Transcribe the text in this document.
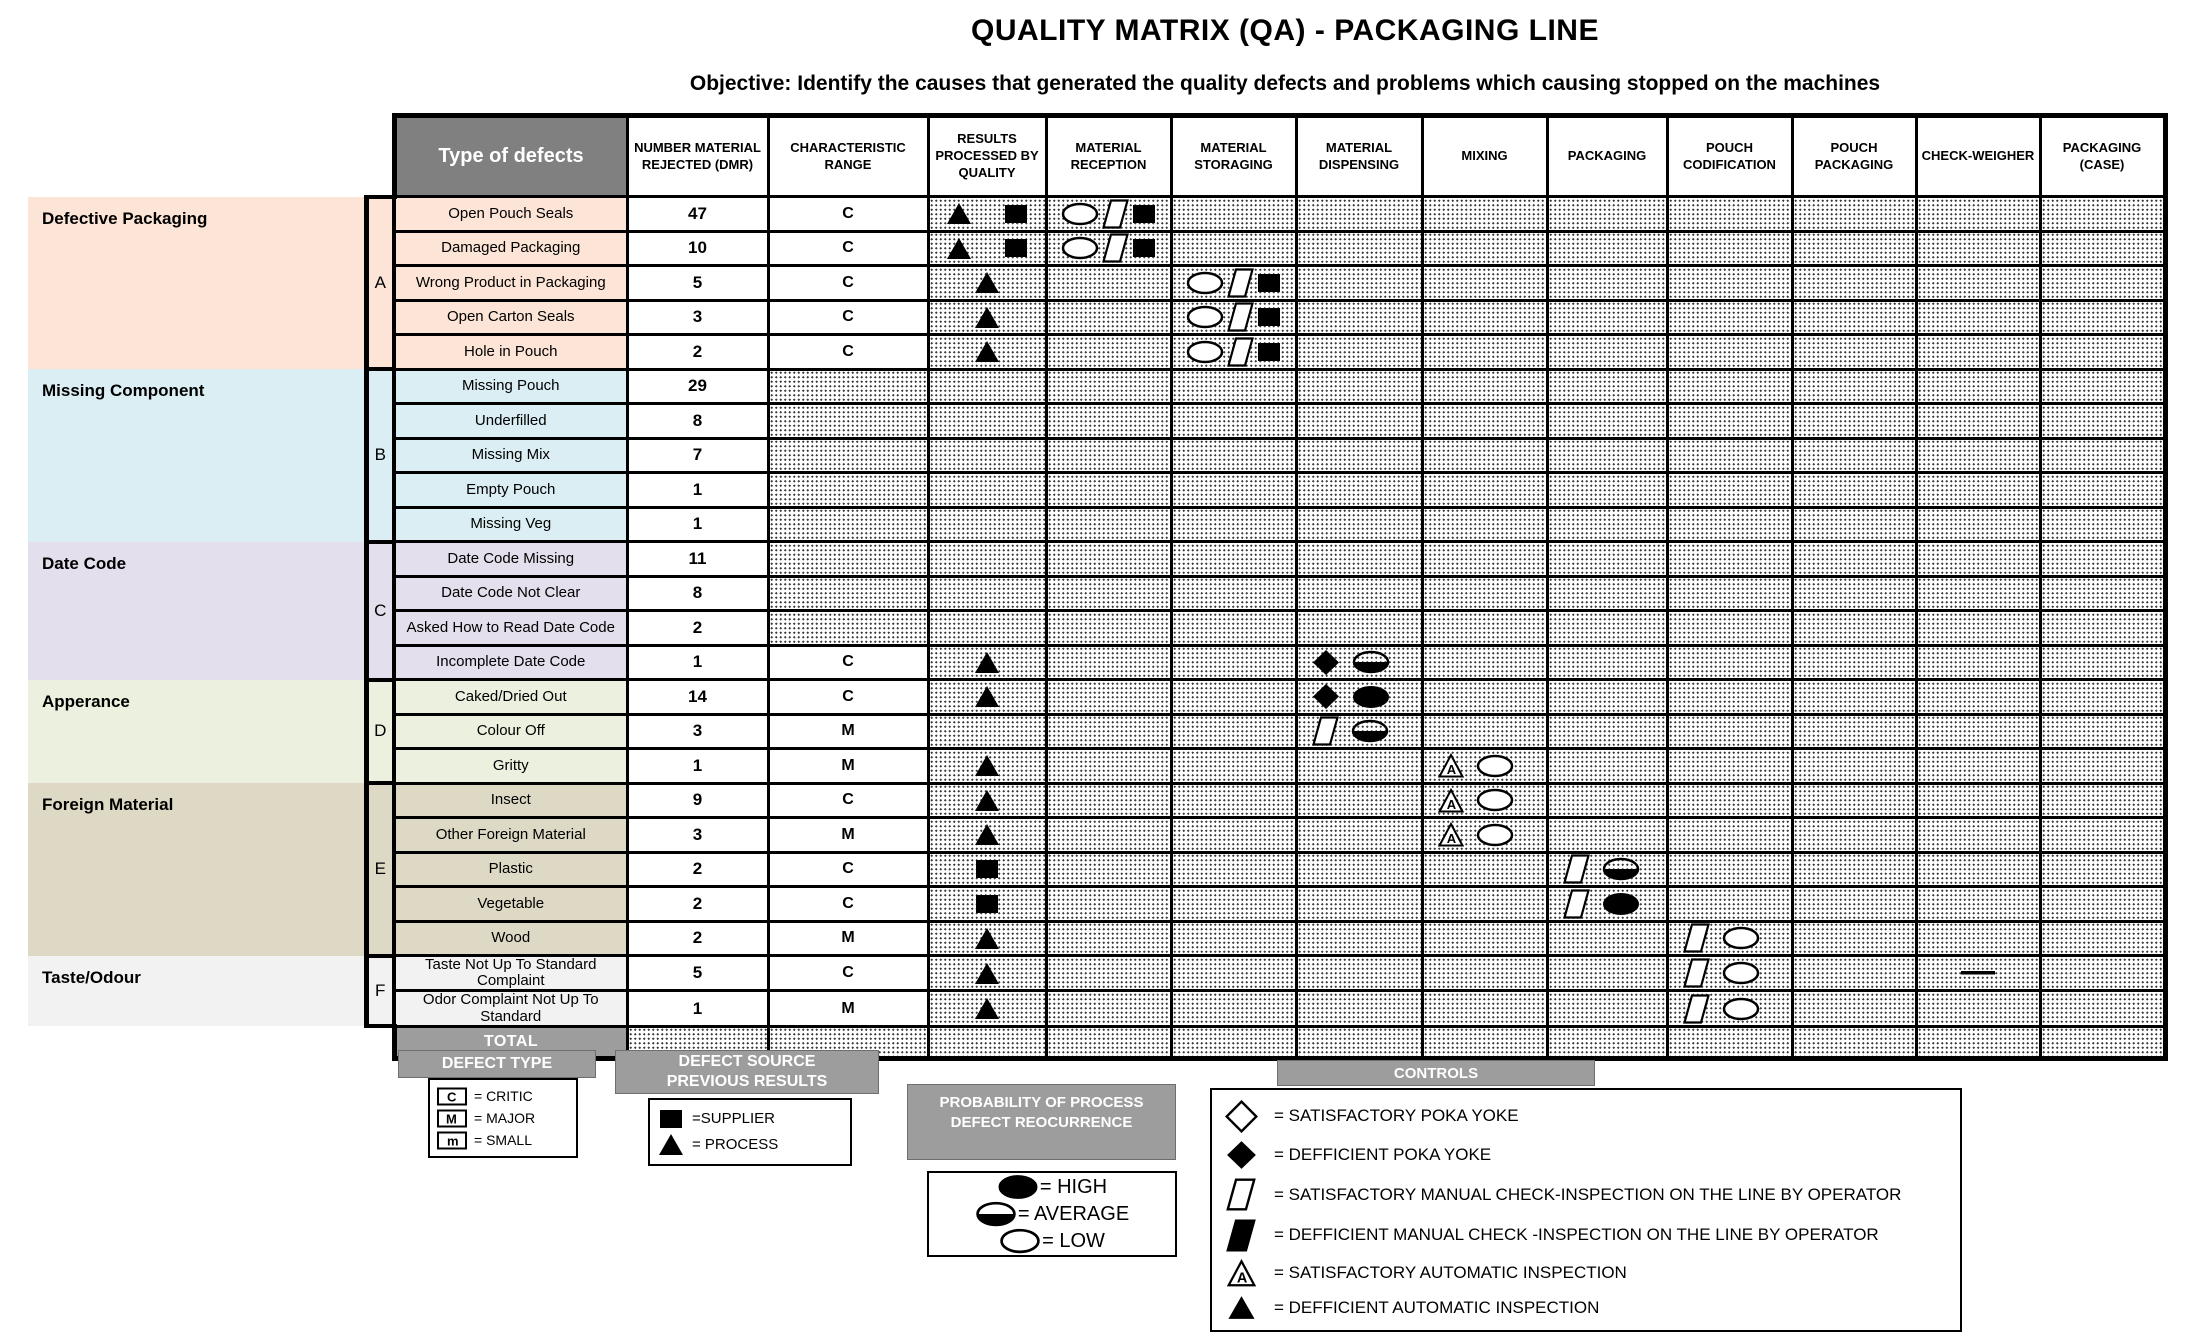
QUALITY MATRIX (QA) - PACKAGING LINE
Objective: Identify the causes that generated the quality defects and problems which causing stopped on the machines
		Type of defects	NUMBER MATERIAL REJECTED (DMR)	CHARACTERISTIC RANGE	RESULTS PROCESSED BY QUALITY	MATERIAL RECEPTION	MATERIAL STORAGING	MATERIAL DISPENSING	MIXING	PACKAGING	POUCH CODIFICATION	POUCH PACKAGING	CHECK-WEIGHER	PACKAGING (CASE)
Defective Packaging	A	Open Pouch Seals	47	C	

		Damaged Packaging	10	C	

		Wrong Product in Packaging	5	C	

		Open Carton Seals	3	C	

		Hole in Pouch	2	C	

Missing Component	B	Missing Pouch	29											
		Underfilled	8											
		Missing Mix	7											
		Empty Pouch	1											
		Missing Veg	1											
Date Code	C	Date Code Missing	11											
		Date Code Not Clear	8											
		Asked How to Read Date Code	2											
		Incomplete Date Code	1	C	

Apperance	D	Caked/Dried Out	14	C	

		Colour Off	3	M				

		Gritty	1	M					A					

Foreign Material	E	Insect	9	C					A					

		Other Foreign Material	3	M					A					

		Plastic	2	C	

		Vegetable	2	C	

		Wood	2	M	

Taste/Odour	F	Taste Not Up To Standard Complaint	5	C	

		Odor Complaint Not Up To Standard	1	M	

		TOTAL												
DEFECT TYPE
C = CRITIC
M = MAJOR
m = SMALL
DEFECT SOURCE PREVIOUS RESULTS
=SUPPLIER
= PROCESS
PROBABILITY OF PROCESS DEFECT REOCURRENCE
= HIGH
= AVERAGE
= LOW
CONTROLS
= SATISFACTORY POKA YOKE
= DEFFICIENT POKA YOKE
= SATISFACTORY MANUAL CHECK-INSPECTION ON THE LINE BY OPERATOR
= DEFFICIENT MANUAL CHECK -INSPECTION ON THE LINE BY OPERATOR
A = SATISFACTORY AUTOMATIC INSPECTION
= DEFFICIENT AUTOMATIC INSPECTION
